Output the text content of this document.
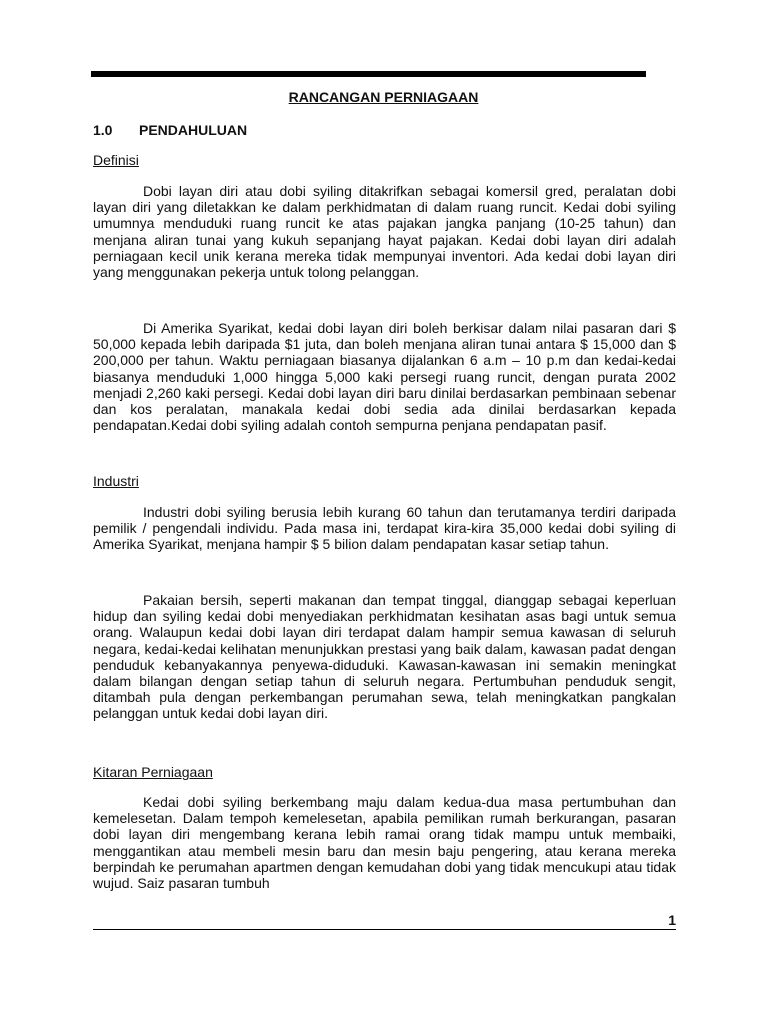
RANCANGAN PERNIAGAAN
1.0 PENDAHULUAN
Definisi

Dobi layan diri atau dobi syiling ditakrifkan sebagai komersil gred, peralatan dobi layan diri yang diletakkan ke dalam perkhidmatan di dalam ruang runcit. Kedai dobi syiling umumnya menduduki ruang runcit ke atas pajakan jangka panjang (10-25 tahun) dan menjana aliran tunai yang kukuh sepanjang hayat pajakan. Kedai dobi layan diri adalah perniagaan kecil unik kerana mereka tidak mempunyai inventori. Ada kedai dobi layan diri yang menggunakan pekerja untuk tolong pelanggan.

Di Amerika Syarikat, kedai dobi layan diri boleh berkisar dalam nilai pasaran dari $ 50,000 kepada lebih daripada $1 juta, dan boleh menjana aliran tunai antara $ 15,000 dan $ 200,000 per tahun. Waktu perniagaan biasanya dijalankan 6 a.m – 10 p.m dan kedai-kedai biasanya menduduki 1,000 hingga 5,000 kaki persegi ruang runcit, dengan purata 2002 menjadi 2,260 kaki persegi. Kedai dobi layan diri baru dinilai berdasarkan pembinaan sebenar dan kos peralatan, manakala kedai dobi sedia ada dinilai berdasarkan kepada pendapatan.Kedai dobi syiling adalah contoh sempurna penjana pendapatan pasif.

Industri

Industri dobi syiling berusia lebih kurang 60 tahun dan terutamanya terdiri daripada pemilik / pengendali individu. Pada masa ini, terdapat kira-kira 35,000 kedai dobi syiling di Amerika Syarikat, menjana hampir $ 5 bilion dalam pendapatan kasar setiap tahun.

Pakaian bersih, seperti makanan dan tempat tinggal, dianggap sebagai keperluan hidup dan syiling kedai dobi menyediakan perkhidmatan kesihatan asas bagi untuk semua orang. Walaupun kedai dobi layan diri terdapat dalam hampir semua kawasan di seluruh negara, kedai-kedai kelihatan menunjukkan prestasi yang baik dalam, kawasan padat dengan penduduk kebanyakannya penyewa-diduduki. Kawasan-kawasan ini semakin meningkat dalam bilangan dengan setiap tahun di seluruh negara. Pertumbuhan penduduk sengit, ditambah pula dengan perkembangan perumahan sewa, telah meningkatkan pangkalan pelanggan untuk kedai dobi layan diri.

Kitaran Perniagaan

Kedai dobi syiling berkembang maju dalam kedua-dua masa pertumbuhan dan kemelesetan. Dalam tempoh kemelesetan, apabila pemilikan rumah berkurangan, pasaran dobi layan diri mengembang kerana lebih ramai orang tidak mampu untuk membaiki, menggantikan atau membeli mesin baru dan mesin baju pengering, atau kerana mereka berpindah ke perumahan apartmen dengan kemudahan dobi yang tidak mencukupi atau tidak wujud. Saiz pasaran tumbuh

1
